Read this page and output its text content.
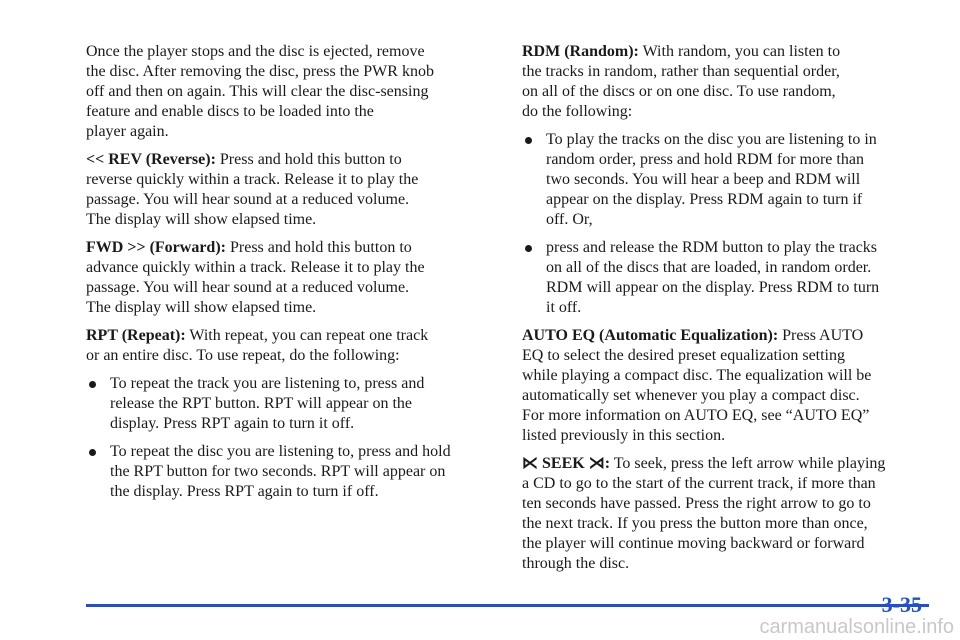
Once the player stops and the disc is ejected, remove
the disc. After removing the disc, press the PWR knob
off and then on again. This will clear the disc-sensing
feature and enable discs to be loaded into the
player again.

<< REV (Reverse): Press and hold this button to
reverse quickly within a track. Release it to play the
passage. You will hear sound at a reduced volume.
The display will show elapsed time.

FWD >> (Forward): Press and hold this button to
advance quickly within a track. Release it to play the
passage. You will hear sound at a reduced volume.
The display will show elapsed time.

RPT (Repeat): With repeat, you can repeat one track
or an entire disc. To use repeat, do the following:

To repeat the track you are listening to, press and
release the RPT button. RPT will appear on the
display. Press RPT again to turn it off.
To repeat the disc you are listening to, press and hold
the RPT button for two seconds. RPT will appear on
the display. Press RPT again to turn if off.

RDM (Random): With random, you can listen to
the tracks in random, rather than sequential order,
on all of the discs or on one disc. To use random,
do the following:

To play the tracks on the disc you are listening to in
random order, press and hold RDM for more than
two seconds. You will hear a beep and RDM will
appear on the display. Press RDM again to turn if
off. Or,
press and release the RDM button to play the tracks
on all of the discs that are loaded, in random order.
RDM will appear on the display. Press RDM to turn
it off.

AUTO EQ (Automatic Equalization): Press AUTO
EQ to select the desired preset equalization setting
while playing a compact disc. The equalization will be
automatically set whenever you play a compact disc.
For more information on AUTO EQ, see “AUTO EQ”
listed previously in this section.

⋉ SEEK ⋊: To seek, press the left arrow while playing
a CD to go to the start of the current track, if more than
ten seconds have passed. Press the right arrow to go to
the next track. If you press the button more than once,
the player will continue moving backward or forward
through the disc.

3-35
carmanualsonline.info
